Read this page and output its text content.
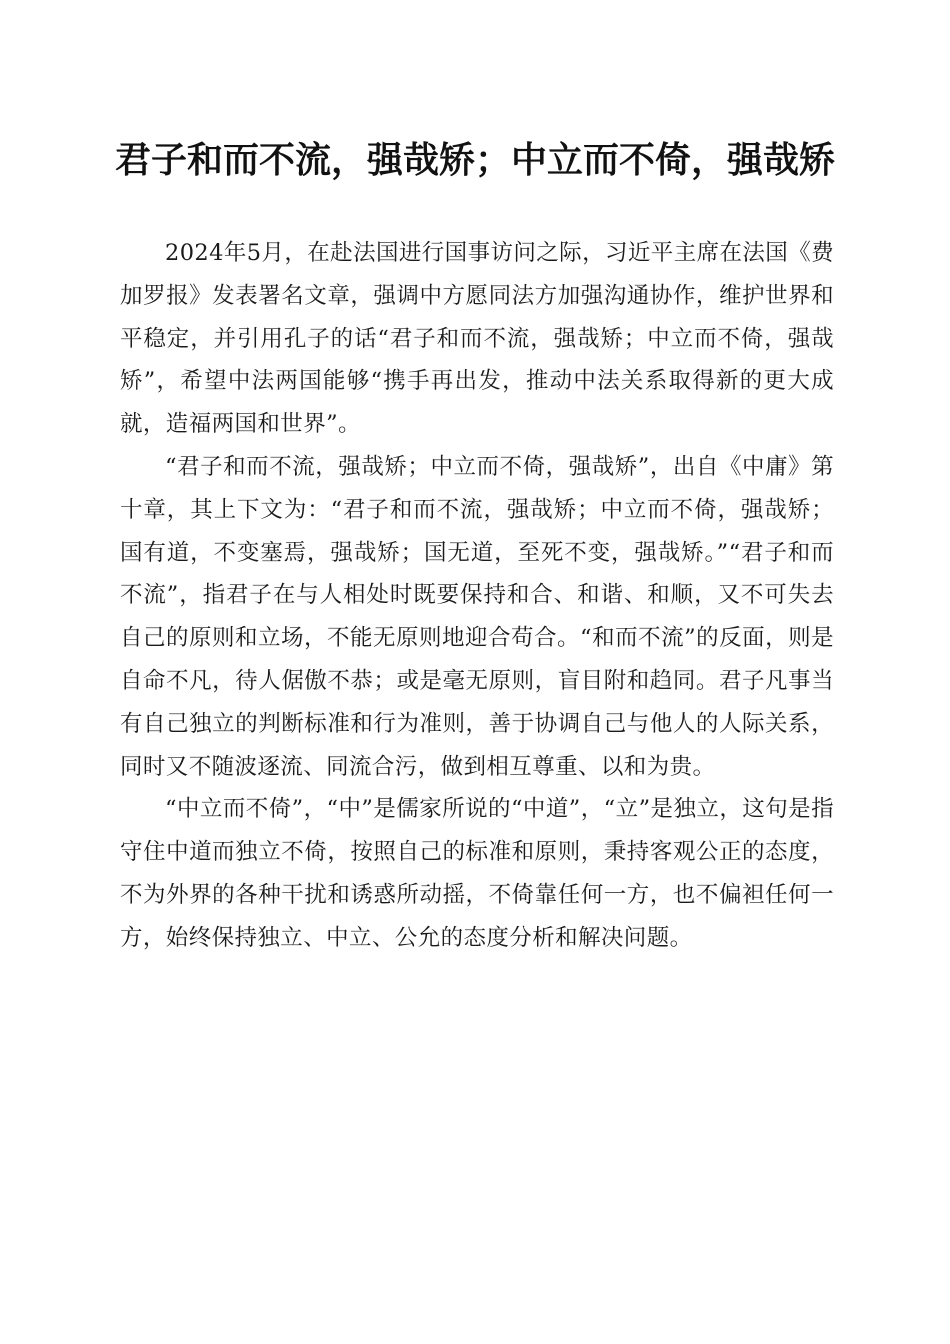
君子和而不流，强哉矫；中立而不倚，强哉矫

2024年5月，在赴法国进行国事访问之际，习近平主席在法国《费加罗报》发表署名文章，强调中方愿同法方加强沟通协作，维护世界和平稳定，并引用孔子的话“君子和而不流，强哉矫；中立而不倚，强哉矫”，希望中法两国能够“携手再出发，推动中法关系取得新的更大成就，造福两国和世界”。

“君子和而不流，强哉矫；中立而不倚，强哉矫”，出自《中庸》第十章，其上下文为：“君子和而不流，强哉矫；中立而不倚，强哉矫；国有道，不变塞焉，强哉矫；国无道，至死不变，强哉矫。”“君子和而不流”，指君子在与人相处时既要保持和合、和谐、和顺，又不可失去自己的原则和立场，不能无原则地迎合苟合。“和而不流”的反面，则是自命不凡，待人倨傲不恭；或是毫无原则，盲目附和趋同。君子凡事当有自己独立的判断标准和行为准则，善于协调自己与他人的人际关系，同时又不随波逐流、同流合污，做到相互尊重、以和为贵。

“中立而不倚”，“中”是儒家所说的“中道”，“立”是独立，这句是指守住中道而独立不倚，按照自己的标准和原则，秉持客观公正的态度，不为外界的各种干扰和诱惑所动摇，不倚靠任何一方，也不偏袒任何一方，始终保持独立、中立、公允的态度分析和解决问题。
